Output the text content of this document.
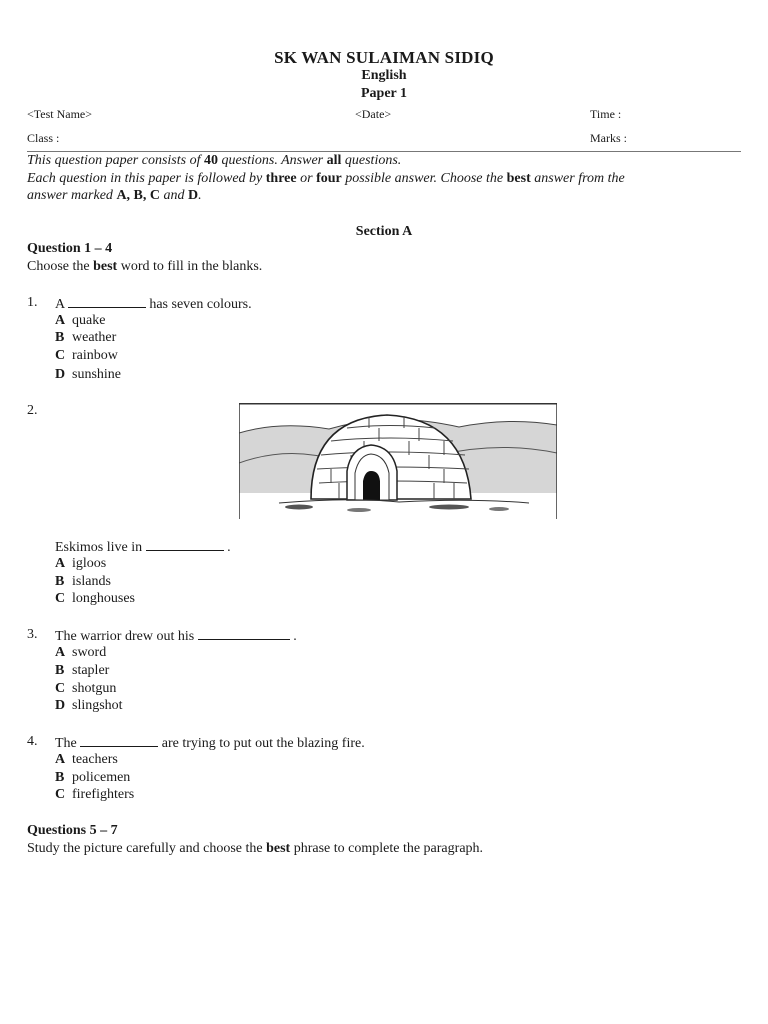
SK WAN SULAIMAN SIDIQ
English
Paper 1
<Test Name>	<Date>	Time :
Class :	Marks :
This question paper consists of 40 questions. Answer all questions.
Each question in this paper is followed by three or four possible answer. Choose the best answer from the
answer marked A, B, C and D.
Section A
Question 1 – 4
Choose the best word to fill in the blanks.
1. A	has seven colours.
A quake
B weather
C rainbow
D sunshine
2.
Eskimos live in	.
A igloos
B islands
C longhouses
3. The warrior drew out his	.
A sword
B stapler
C shotgun
D slingshot
4. The	are trying to put out the blazing fire.
A teachers
B policemen
C firefighters
Questions 5 – 7
Study the picture carefully and choose the best phrase to complete the paragraph.
